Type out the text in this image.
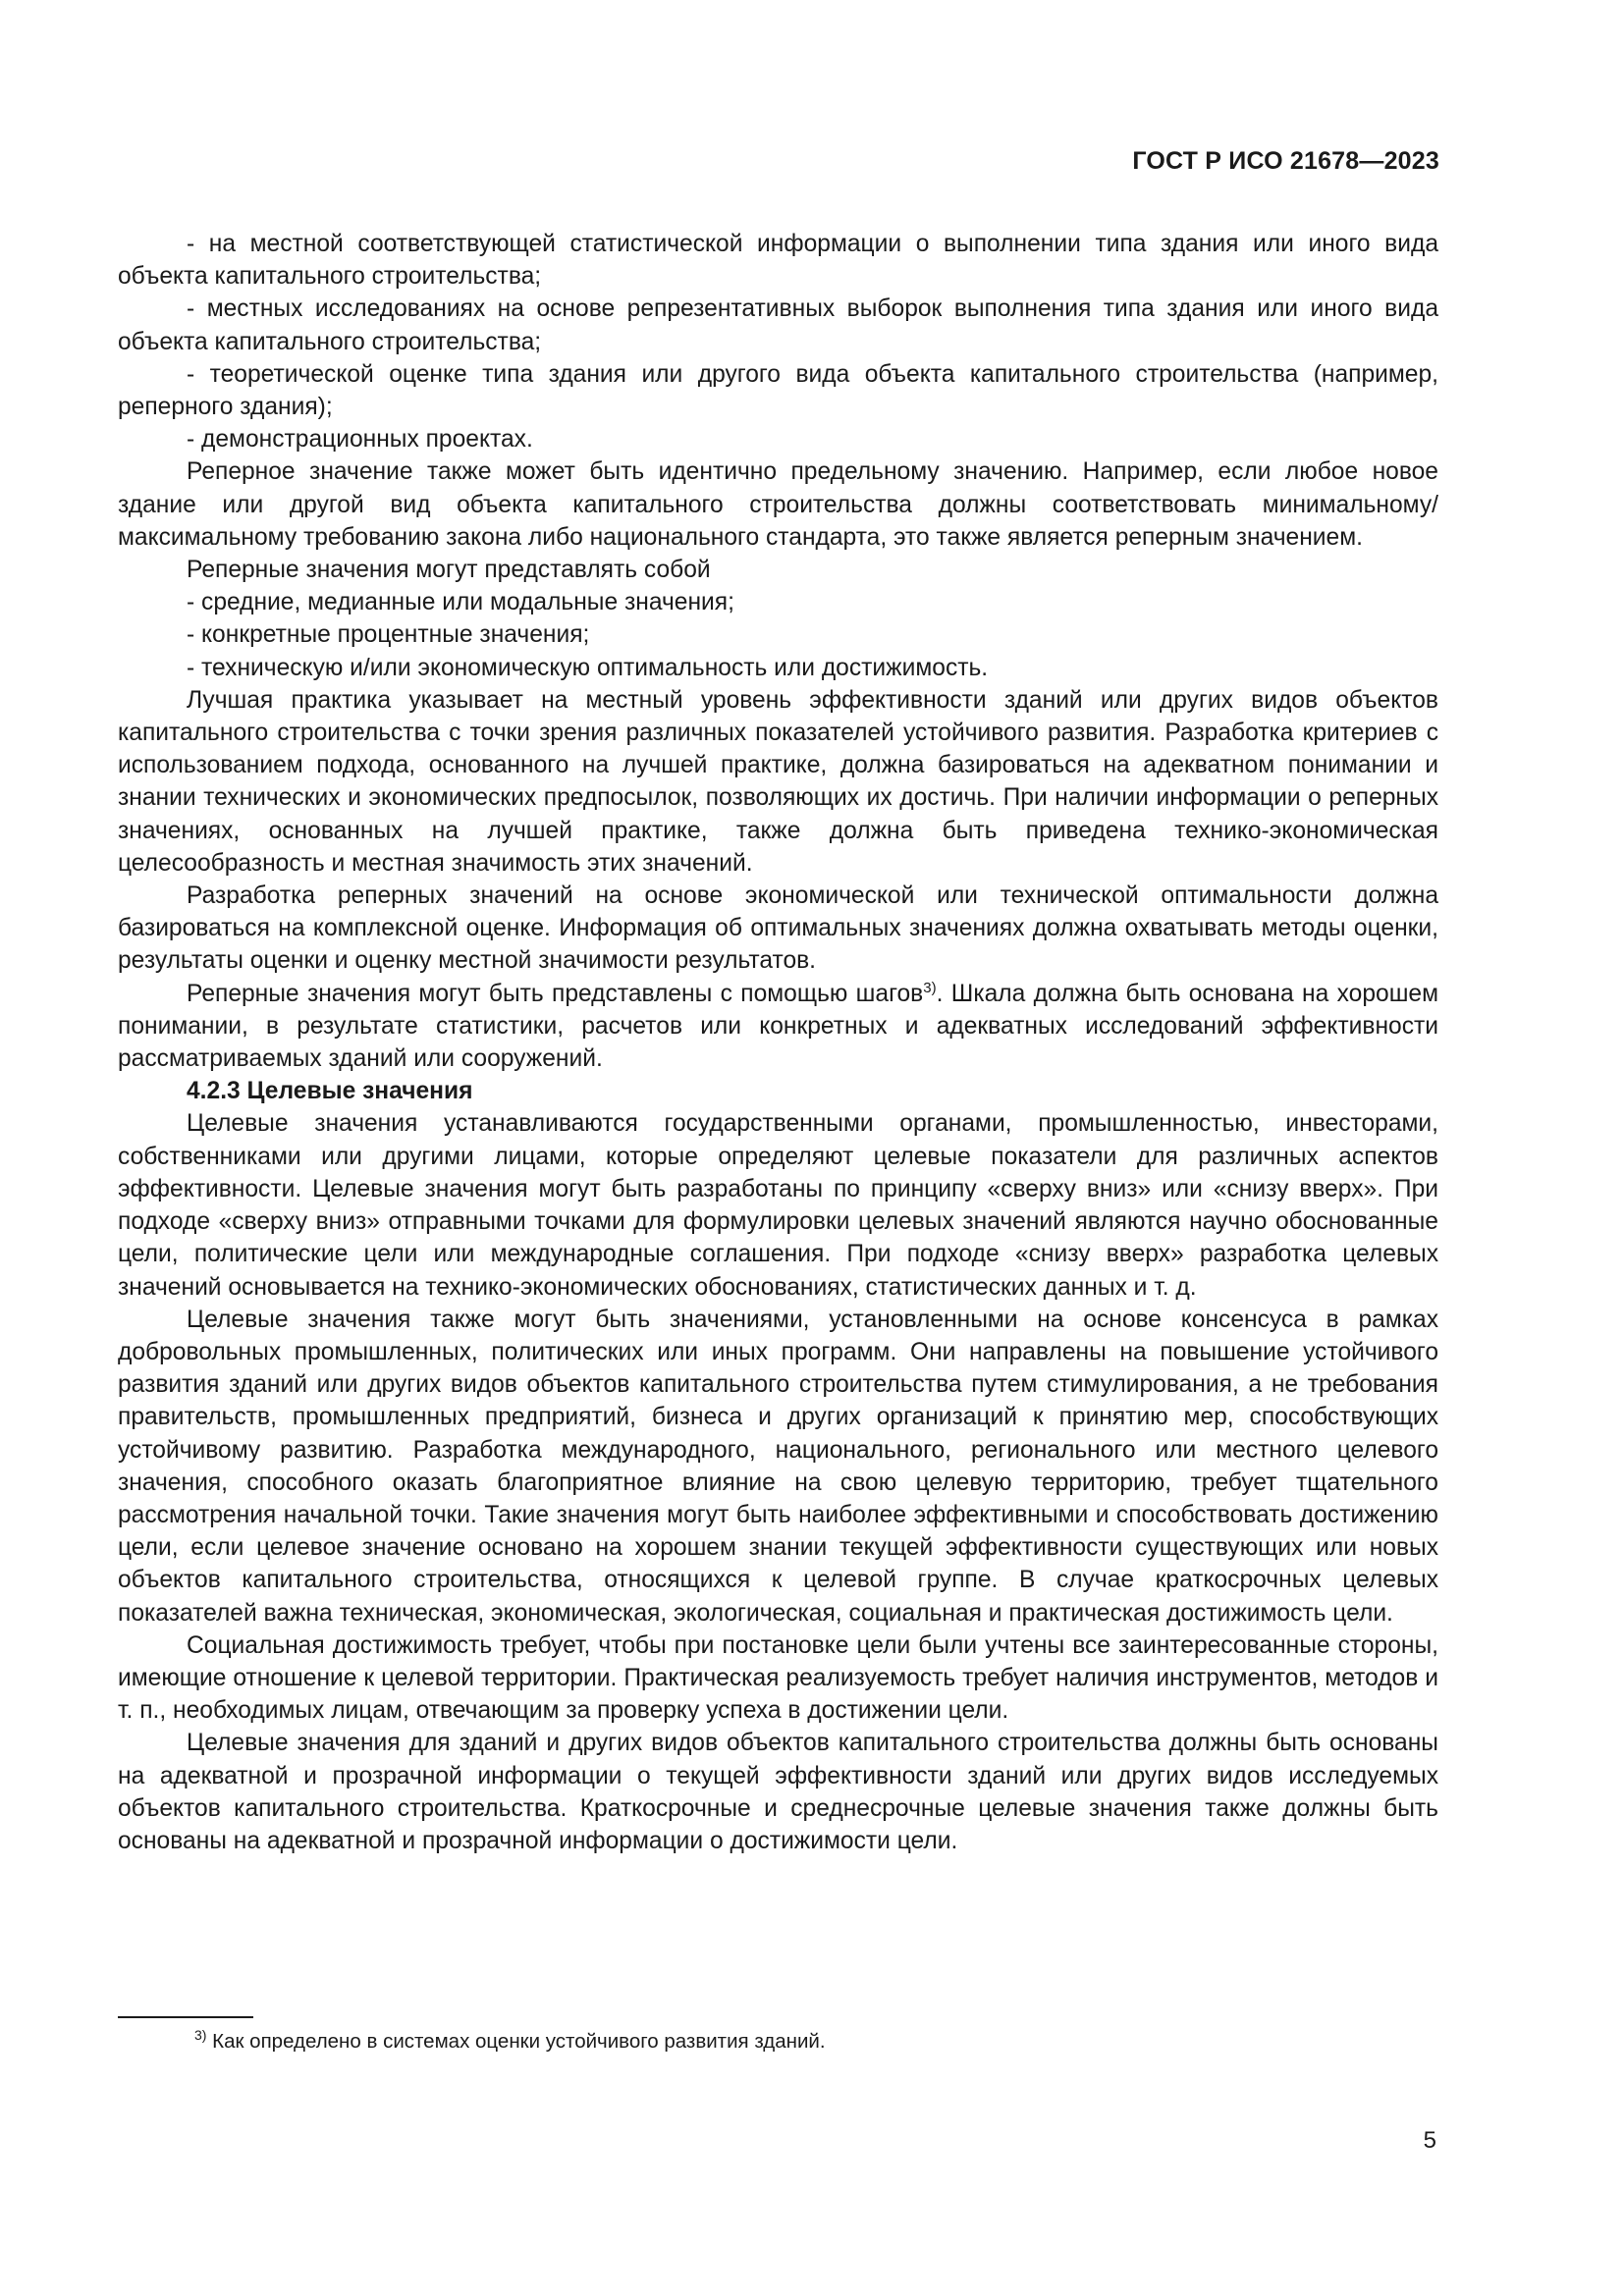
ГОСТ Р ИСО 21678—2023

- на местной соответствующей статистической информации о выполнении типа здания или иного вида объекта капитального строительства;

- местных исследованиях на основе репрезентативных выборок выполнения типа здания или иного вида объекта капитального строительства;

- теоретической оценке типа здания или другого вида объекта капитального строительства (например, реперного здания);

- демонстрационных проектах.

Реперное значение также может быть идентично предельному значению. Например, если любое новое здание или другой вид объекта капитального строительства должны соответствовать минимальному/максимальному требованию закона либо национального стандарта, это также является реперным значением.

Реперные значения могут представлять собой

- средние, медианные или модальные значения;

- конкретные процентные значения;

- техническую и/или экономическую оптимальность или достижимость.

Лучшая практика указывает на местный уровень эффективности зданий или других видов объектов капитального строительства с точки зрения различных показателей устойчивого развития. Разработка критериев с использованием подхода, основанного на лучшей практике, должна базироваться на адекватном понимании и знании технических и экономических предпосылок, позволяющих их достичь. При наличии информации о реперных значениях, основанных на лучшей практике, также должна быть приведена технико-экономическая целесообразность и местная значимость этих значений.

Разработка реперных значений на основе экономической или технической оптимальности должна базироваться на комплексной оценке. Информация об оптимальных значениях должна охватывать методы оценки, результаты оценки и оценку местной значимости результатов.

Реперные значения могут быть представлены с помощью шагов$^{3)}$. Шкала должна быть основана на хорошем понимании, в результате статистики, расчетов или конкретных и адекватных исследований эффективности рассматриваемых зданий или сооружений.

4.2.3 Целевые значения

Целевые значения устанавливаются государственными органами, промышленностью, инвесторами, собственниками или другими лицами, которые определяют целевые показатели для различных аспектов эффективности. Целевые значения могут быть разработаны по принципу «сверху вниз» или «снизу вверх». При подходе «сверху вниз» отправными точками для формулировки целевых значений являются научно обоснованные цели, политические цели или международные соглашения. При подходе «снизу вверх» разработка целевых значений основывается на технико-экономических обоснованиях, статистических данных и т. д.

Целевые значения также могут быть значениями, установленными на основе консенсуса в рамках добровольных промышленных, политических или иных программ. Они направлены на повышение устойчивого развития зданий или других видов объектов капитального строительства путем стимулирования, а не требования правительств, промышленных предприятий, бизнеса и других организаций к принятию мер, способствующих устойчивому развитию. Разработка международного, национального, регионального или местного целевого значения, способного оказать благоприятное влияние на свою целевую территорию, требует тщательного рассмотрения начальной точки. Такие значения могут быть наиболее эффективными и способствовать достижению цели, если целевое значение основано на хорошем знании текущей эффективности существующих или новых объектов капитального строительства, относящихся к целевой группе. В случае краткосрочных целевых показателей важна техническая, экономическая, экологическая, социальная и практическая достижимость цели.

Социальная достижимость требует, чтобы при постановке цели были учтены все заинтересованные стороны, имеющие отношение к целевой территории. Практическая реализуемость требует наличия инструментов, методов и т. п., необходимых лицам, отвечающим за проверку успеха в достижении цели.

Целевые значения для зданий и других видов объектов капитального строительства должны быть основаны на адекватной и прозрачной информации о текущей эффективности зданий или других видов исследуемых объектов капитального строительства. Краткосрочные и среднесрочные целевые значения также должны быть основаны на адекватной и прозрачной информации о достижимости цели.

$^{3)}$ Как определено в системах оценки устойчивого развития зданий.
5
